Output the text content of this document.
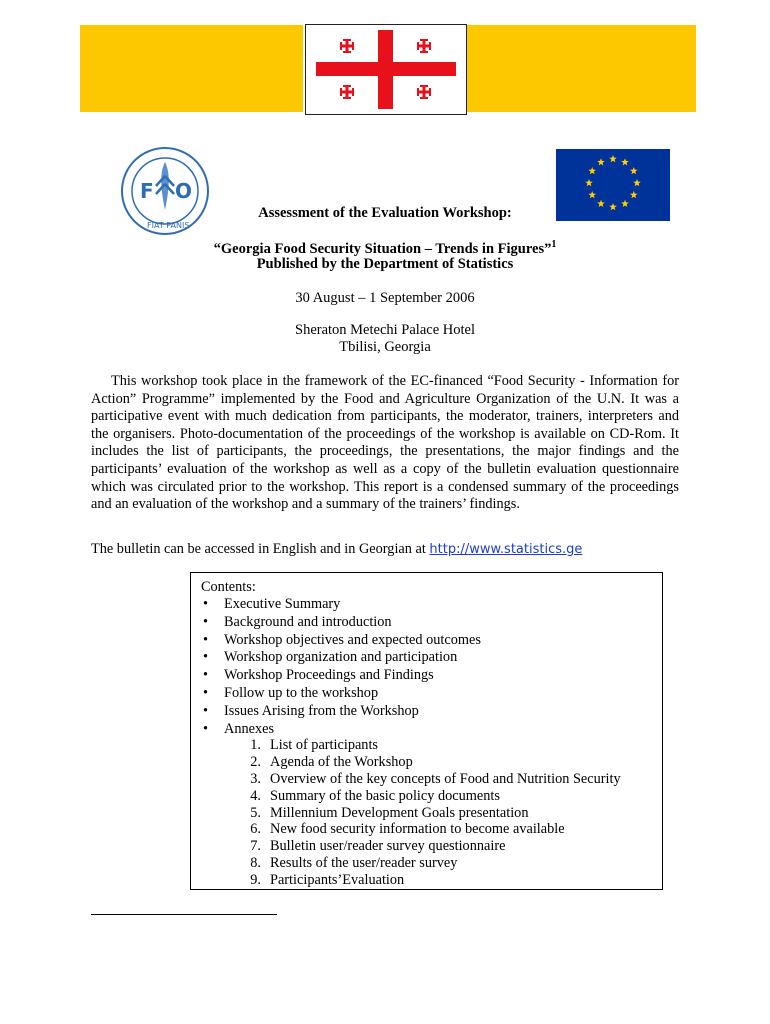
F O
FIAT PANIS
Assessment of the Evaluation Workshop:
“Georgia Food Security Situation – Trends in Figures”$^1$
Published by the Department of Statistics
30 August – 1 September 2006
Sheraton Metechi Palace Hotel
Tbilisi, Georgia
This workshop took place in the framework of the EC-financed “Food Security - Information for Action” Programme” implemented by the Food and Agriculture Organization of the U.N. It was a participative event with much dedication from participants, the moderator, trainers, interpreters and the organisers. Photo-documentation of the proceedings of the workshop is available on CD-Rom. It includes the list of participants, the proceedings, the presentations, the major findings and the participants’ evaluation of the workshop as well as a copy of the bulletin evaluation questionnaire which was circulated prior to the workshop. This report is a condensed summary of the proceedings and an evaluation of the workshop and a summary of the trainers’ findings.
The bulletin can be accessed in English and in Georgian at http://www.statistics.ge
Contents:
• Executive Summary
• Background and introduction
• Workshop objectives and expected outcomes
• Workshop organization and participation
• Workshop Proceedings and Findings
• Follow up to the workshop
• Issues Arising from the Workshop
• Annexes
1. List of participants
2. Agenda of the Workshop
3. Overview of the key concepts of Food and Nutrition Security
4. Summary of the basic policy documents
5. Millennium Development Goals presentation
6. New food security information to become available
7. Bulletin user/reader survey questionnaire
8. Results of the user/reader survey
9. Participants’Evaluation
